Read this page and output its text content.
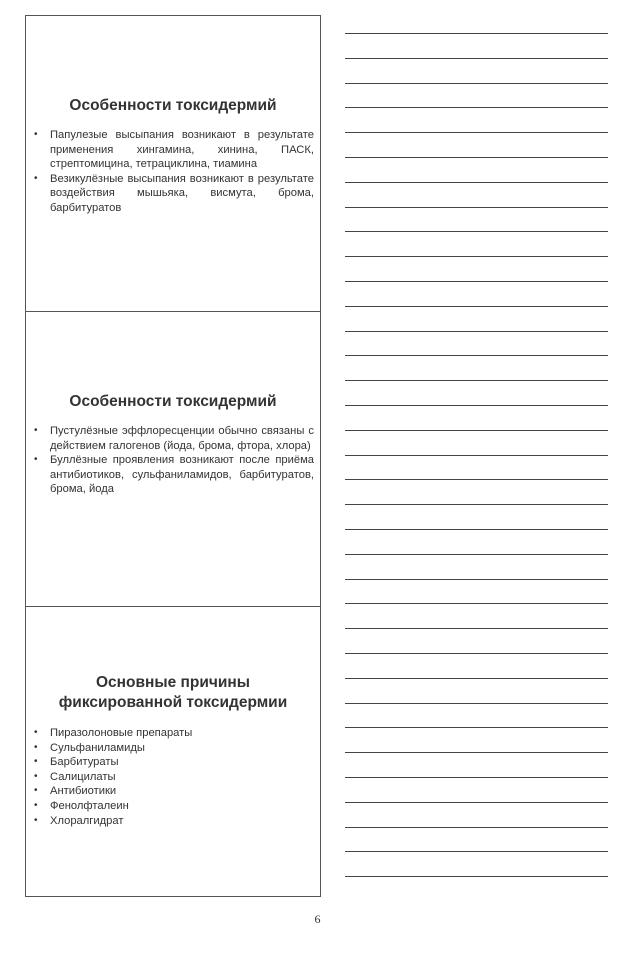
Особенности токсидермий
• Папулезые высыпания возникают в результате применения хингамина, хинина, ПАСК, стрептомицина, тетрациклина, тиамина
• Везикулёзные высыпания возникают в результате воздействия мышьяка, висмута, брома, барбитуратов
Особенности токсидермий
• Пустулёзные эффлоресценции обычно связаны с действием галогенов (йода, брома, фтора, хлора)
• Буллёзные проявления возникают после приёма антибиотиков, сульфаниламидов, барбитуратов, брома, йода
Основные причины
фиксированной токсидермии
• Пиразолоновые препараты
• Сульфаниламиды
• Барбитураты
• Салицилаты
• Антибиотики
• Фенолфталеин
• Хлоралгидрат
6
